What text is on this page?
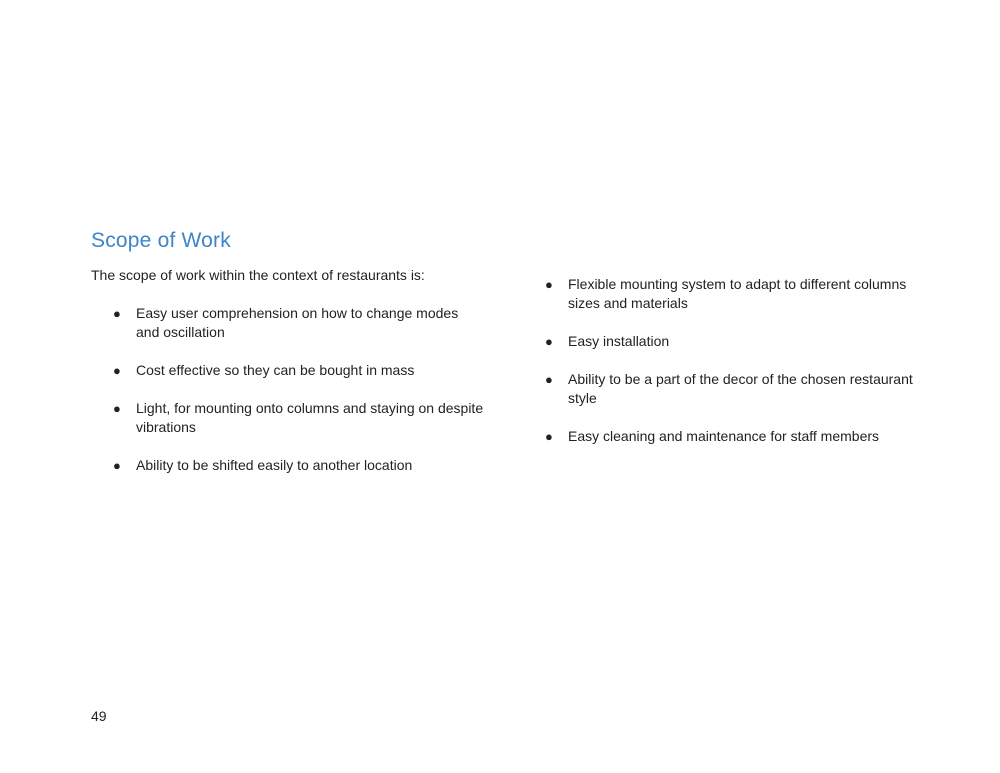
Scope of Work

The scope of work within the context of restaurants is:

● Easy user comprehension on how to change modes and oscillation
● Cost effective so they can be bought in mass
● Light, for mounting onto columns and staying on despite vibrations
● Ability to be shifted easily to another location
● Flexible mounting system to adapt to different columns sizes and materials
● Easy installation
● Ability to be a part of the decor of the chosen restaurant style
● Easy cleaning and maintenance for staff members

49
